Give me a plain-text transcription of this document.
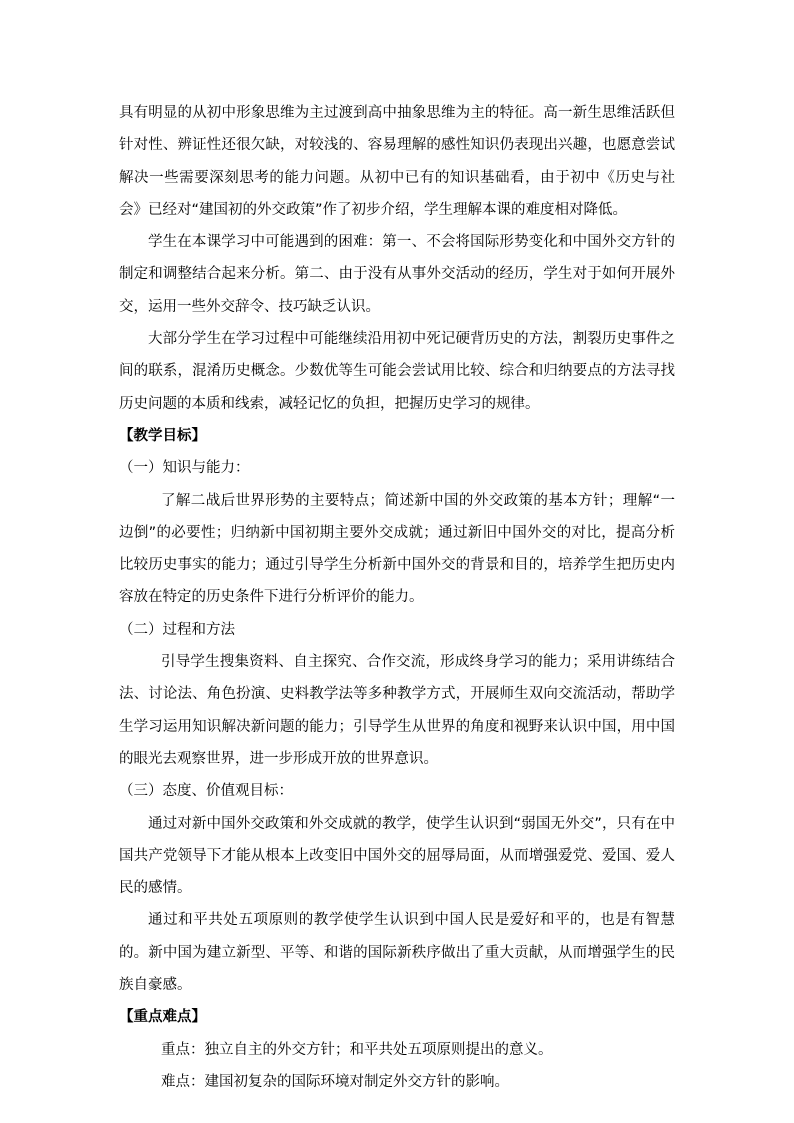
具有明显的从初中形象思维为主过渡到高中抽象思维为主的特征。高一新生思维活跃但针对性、辨证性还很欠缺，对较浅的、容易理解的感性知识仍表现出兴趣，也愿意尝试解决一些需要深刻思考的能力问题。从初中已有的知识基础看，由于初中《历史与社会》已经对“建国初的外交政策”作了初步介绍，学生理解本课的难度相对降低。

学生在本课学习中可能遇到的困难：第一、不会将国际形势变化和中国外交方针的制定和调整结合起来分析。第二、由于没有从事外交活动的经历，学生对于如何开展外交，运用一些外交辞令、技巧缺乏认识。

大部分学生在学习过程中可能继续沿用初中死记硬背历史的方法，割裂历史事件之间的联系，混淆历史概念。少数优等生可能会尝试用比较、综合和归纳要点的方法寻找历史问题的本质和线索，减轻记忆的负担，把握历史学习的规律。

【教学目标】

（一）知识与能力：

了解二战后世界形势的主要特点；简述新中国的外交政策的基本方针；理解“一边倒”的必要性；归纳新中国初期主要外交成就；通过新旧中国外交的对比，提高分析比较历史事实的能力；通过引导学生分析新中国外交的背景和目的，培养学生把历史内容放在特定的历史条件下进行分析评价的能力。

（二）过程和方法

引导学生搜集资料、自主探究、合作交流，形成终身学习的能力；采用讲练结合法、讨论法、角色扮演、史料教学法等多种教学方式，开展师生双向交流活动，帮助学生学习运用知识解决新问题的能力；引导学生从世界的角度和视野来认识中国，用中国的眼光去观察世界，进一步形成开放的世界意识。

（三）态度、价值观目标：

通过对新中国外交政策和外交成就的教学，使学生认识到“弱国无外交”，只有在中国共产党领导下才能从根本上改变旧中国外交的屈辱局面，从而增强爱党、爱国、爱人民的感情。

通过和平共处五项原则的教学使学生认识到中国人民是爱好和平的，也是有智慧的。新中国为建立新型、平等、和谐的国际新秩序做出了重大贡献，从而增强学生的民族自豪感。

【重点难点】

重点：独立自主的外交方针；和平共处五项原则提出的意义。

难点：建国初复杂的国际环境对制定外交方针的影响。
